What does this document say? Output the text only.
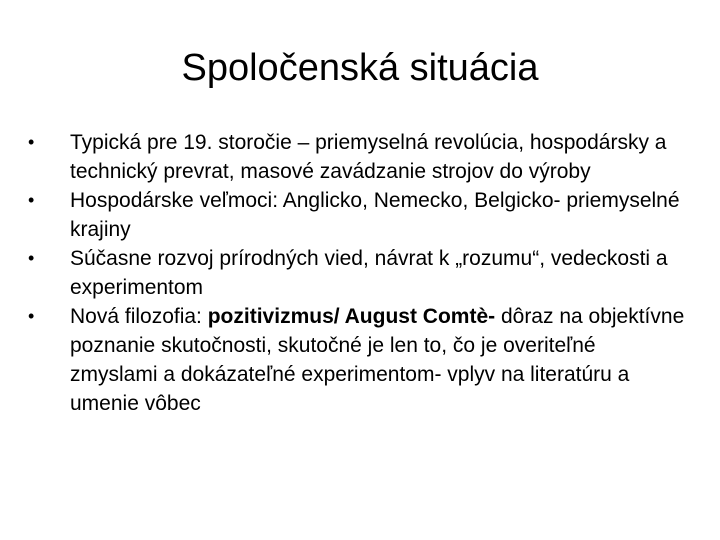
Spoločenská situácia
•	Typická pre 19. storočie – priemyselná revolúcia, hospodársky a technický prevrat, masové zavádzanie strojov do výroby
•	Hospodárske veľmoci: Anglicko, Nemecko, Belgicko- priemyselné krajiny
•	Súčasne rozvoj prírodných vied, návrat k „rozumu“, vedeckosti a experimentom
•	Nová filozofia: pozitivizmus/ August Comtè- dôraz na objektívne poznanie skutočnosti, skutočné je len to, čo je overiteľné zmyslami a dokázateľné experimentom- vplyv na literatúru a umenie vôbec
